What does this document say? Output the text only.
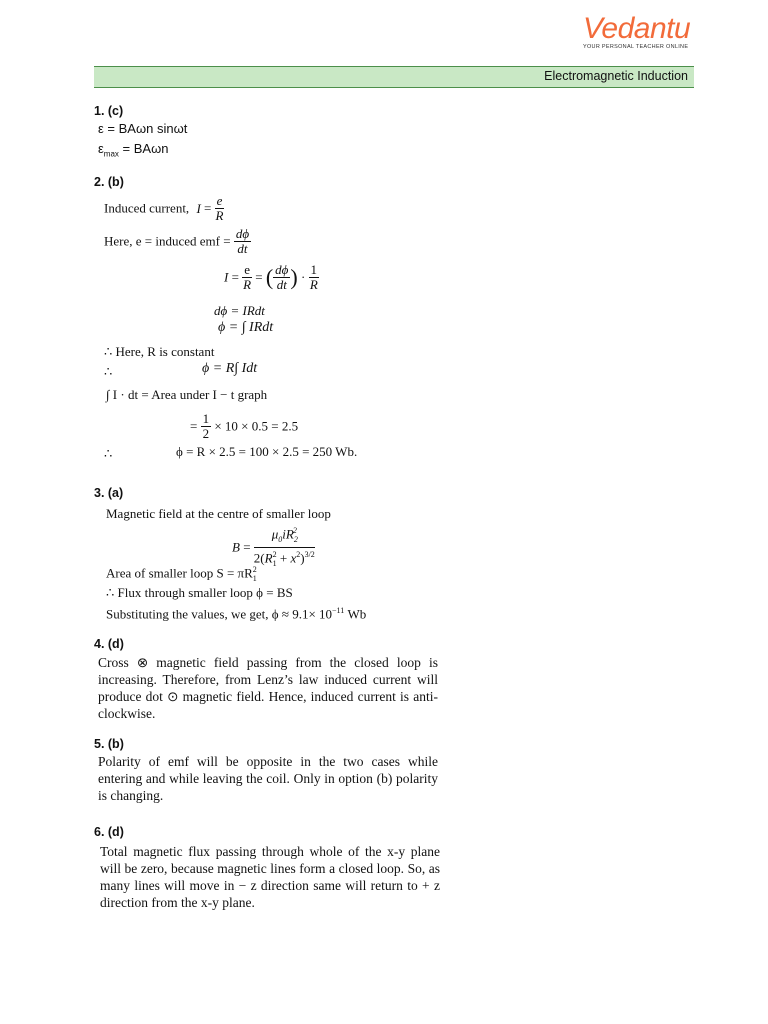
Vedantu
YOUR PERSONAL TEACHER ONLINE
Electromagnetic Induction
1. (c)
ε = BAωn sinωt
$\varepsilon_{max} = BA\omega n$
2. (b)
Induced current, $I = \frac{e}{R}$
Here, e = induced emf = $\frac{d\phi}{dt}$
$I = \frac{e}{R}$ = ( $\frac{d\phi}{dt}$ ) · $\frac{1}{R}$
dϕ = IRdt
ϕ = ∫ IRdt
∴ Here, R is constant
∴	ϕ = R∫ Idt
∫ I · dt = Area under I − t graph
= $\frac{1}{2} \times 10 \times 0.5 = 2.5$
∴	ϕ = R × 2.5 = 100 × 2.5 = 250 Wb.
3. (a)
Magnetic field at the centre of smaller loop
$B = \frac{\mu_0iR_2^2}{2(R_1^2 + x^2)^{3/2}}$
Area of smaller loop $S = \pi R_1^2$
∴ Flux through smaller loop ϕ = BS
Substituting the values, we get, $\phi \approx 9.1\times 10^{-11}$ Wb
4. (d)
Cross ⊗ magnetic field passing from the closed loop is increasing. Therefore, from Lenz’s law induced current will produce dot ⊙ magnetic field. Hence, induced current is anti-clockwise.
5. (b)
Polarity of emf will be opposite in the two cases while entering and while leaving the coil. Only in option (b) polarity is changing.
6. (d)
Total magnetic flux passing through whole of the x-y plane will be zero, because magnetic lines form a closed loop. So, as many lines will move in − z direction same will return to + z direction from the x-y plane.
